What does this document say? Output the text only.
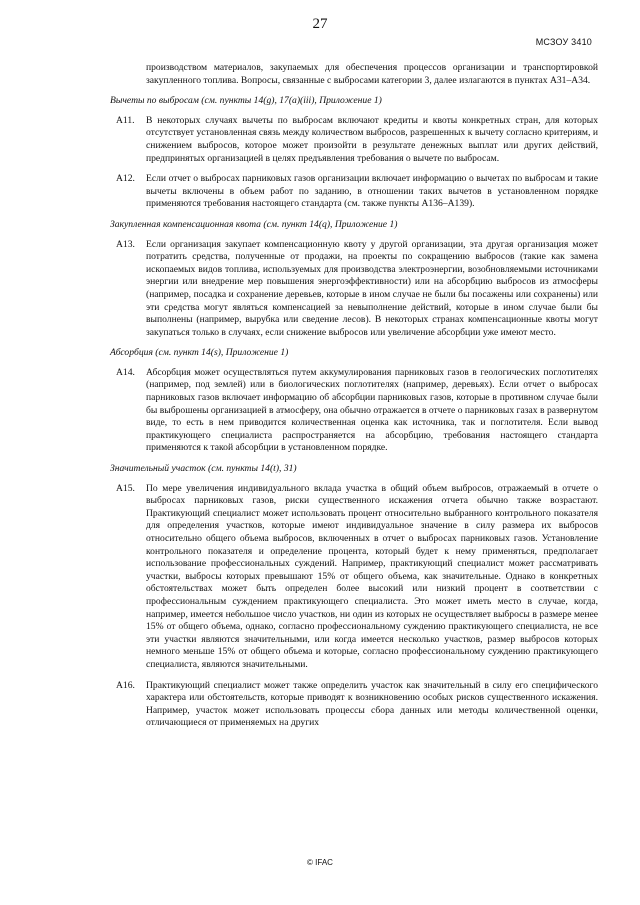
27
МСЗОУ 3410

производством материалов, закупаемых для обеспечения процессов организации и транспортировкой закупленного топлива. Вопросы, связанные с выбросами категории 3, далее излагаются в пунктах A31–A34.

Вычеты по выбросам (см. пункты 14(g), 17(a)(iii), Приложение 1)

A11. В некоторых случаях вычеты по выбросам включают кредиты и квоты конкретных стран, для которых отсутствует установленная связь между количеством выбросов, разрешенных к вычету согласно критериям, и снижением выбросов, которое может произойти в результате денежных выплат или других действий, предпринятых организацией в целях предъявления требования о вычете по выбросам.
A12. Если отчет о выбросах парниковых газов организации включает информацию о вычетах по выбросам и такие вычеты включены в объем работ по заданию, в отношении таких вычетов в установленном порядке применяются требования настоящего стандарта (см. также пункты A136–A139).

Закупленная компенсационная квота (см. пункт 14(q), Приложение 1)

A13. Если организация закупает компенсационную квоту у другой организации, эта другая организация может потратить средства, полученные от продажи, на проекты по сокращению выбросов (такие как замена ископаемых видов топлива, используемых для производства электроэнергии, возобновляемыми источниками энергии или внедрение мер повышения энергоэффективности) или на абсорбцию выбросов из атмосферы (например, посадка и сохранение деревьев, которые в ином случае не были бы посажены или сохранены) или эти средства могут являться компенсацией за невыполнение действий, которые в ином случае были бы выполнены (например, вырубка или сведение лесов). В некоторых странах компенсационные квоты могут закупаться только в случаях, если снижение выбросов или увеличение абсорбции уже имеют место.

Абсорбция (см. пункт 14(s), Приложение 1)

A14. Абсорбция может осуществляться путем аккумулирования парниковых газов в геологических поглотителях (например, под землей) или в биологических поглотителях (например, деревьях). Если отчет о выбросах парниковых газов включает информацию об абсорбции парниковых газов, которые в противном случае были бы выброшены организацией в атмосферу, она обычно отражается в отчете о парниковых газах в развернутом виде, то есть в нем приводится количественная оценка как источника, так и поглотителя. Если вывод практикующего специалиста распространяется на абсорбцию, требования настоящего стандарта применяются к такой абсорбции в установленном порядке.

Значительный участок (см. пункты 14(t), 31)

A15. По мере увеличения индивидуального вклада участка в общий объем выбросов, отражаемый в отчете о выбросах парниковых газов, риски существенного искажения отчета обычно также возрастают. Практикующий специалист может использовать процент относительно выбранного контрольного показателя для определения участков, которые имеют индивидуальное значение в силу размера их выбросов относительно общего объема выбросов, включенных в отчет о выбросах парниковых газов. Установление контрольного показателя и определение процента, который будет к нему применяться, предполагает использование профессиональных суждений. Например, практикующий специалист может рассматривать участки, выбросы которых превышают 15% от общего объема, как значительные. Однако в конкретных обстоятельствах может быть определен более высокий или низкий процент в соответствии с профессиональным суждением практикующего специалиста. Это может иметь место в случае, когда, например, имеется небольшое число участков, ни один из которых не осуществляет выбросы в размере менее 15% от общего объема, однако, согласно профессиональному суждению практикующего специалиста, не все эти участки являются значительными, или когда имеется несколько участков, размер выбросов которых немного меньше 15% от общего объема и которые, согласно профессиональному суждению практикующего специалиста, являются значительными.
A16. Практикующий специалист может также определить участок как значительный в силу его специфического характера или обстоятельств, которые приводят к возникновению особых рисков существенного искажения. Например, участок может использовать процессы сбора данных или методы количественной оценки, отличающиеся от применяемых на других
© IFAC
